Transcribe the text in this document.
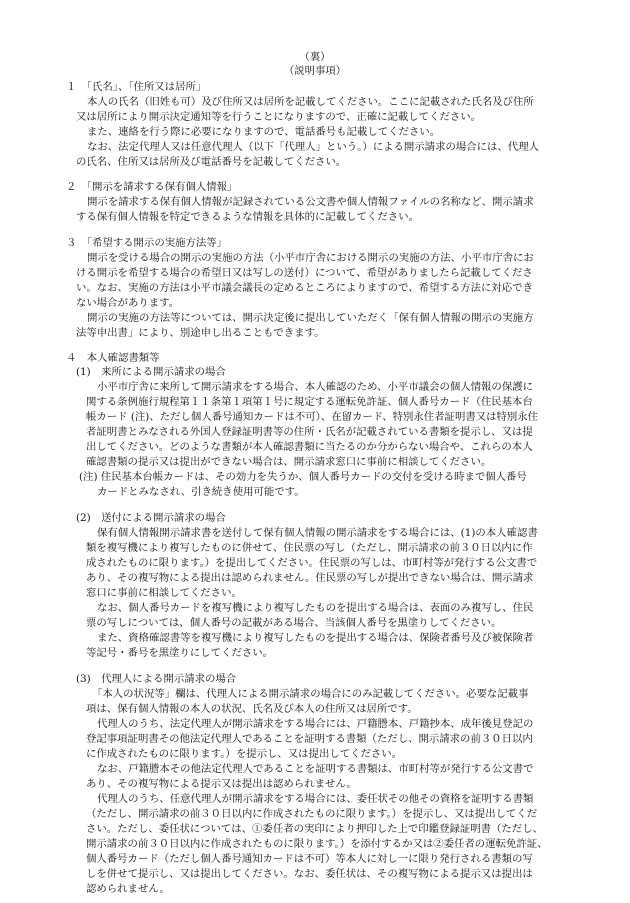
（裏）
（説明事項）
１　「氏名」、「住所又は居所」
本人の氏名（旧姓も可）及び住所又は居所を記載してください。ここに記載された氏名及び住所
又は居所により開示決定通知等を行うことになりますので、正確に記載してください。
また、連絡を行う際に必要になりますので、電話番号も記載してください。
なお、法定代理人又は任意代理人（以下「代理人」という。）による開示請求の場合には、代理人
の氏名、住所又は居所及び電話番号を記載してください。
２　「開示を請求する保有個人情報」
開示を請求する保有個人情報が記録されている公文書や個人情報ファイルの名称など、開示請求
する保有個人情報を特定できるような情報を具体的に記載してください。
３　「希望する開示の実施方法等」
開示を受ける場合の開示の実施の方法（小平市庁舎における開示の実施の方法、小平市庁舎にお
ける開示を希望する場合の希望日又は写しの送付）について、希望がありましたら記載してくださ
い。なお、実施の方法は小平市議会議長の定めるところによりますので、希望する方法に対応でき
ない場合があります。
開示の実施の方法等については、開示決定後に提出していただく「保有個人情報の開示の実施方
法等申出書」により、別途申し出ることもできます。
４　本人確認書類等
(1)　来所による開示請求の場合
小平市庁舎に来所して開示請求をする場合、本人確認のため、小平市議会の個人情報の保護に
関する条例施行規程第１１条第１項第１号に規定する運転免許証、個人番号カード（住民基本台
帳カード (注)、ただし個人番号通知カードは不可）、在留カード、特別永住者証明書又は特別永住
者証明書とみなされる外国人登録証明書等の住所・氏名が記載されている書類を提示し、又は提
出してください。どのような書類が本人確認書類に当たるのか分からない場合や、これらの本人
確認書類の提示又は提出ができない場合は、開示請求窓口に事前に相談してください。
(注) 住民基本台帳カードは、その効力を失うか、個人番号カードの交付を受ける時まで個人番号
カードとみなされ、引き続き使用可能です。
(2)　送付による開示請求の場合
保有個人情報開示請求書を送付して保有個人情報の開示請求をする場合には、(1)の本人確認書
類を複写機により複写したものに併せて、住民票の写し（ただし、開示請求の前３０日以内に作
成されたものに限ります。）を提出してください。住民票の写しは、市町村等が発行する公文書で
あり、その複写物による提出は認められません。住民票の写しが提出できない場合は、開示請求
窓口に事前に相談してください。
なお、個人番号カードを複写機により複写したものを提出する場合は、表面のみ複写し、住民
票の写しについては、個人番号の記載がある場合、当該個人番号を黒塗りしてください。
また、資格確認書等を複写機により複写したものを提出する場合は、保険者番号及び被保険者
等記号・番号を黒塗りにしてください。
(3)　代理人による開示請求の場合
「本人の状況等」欄は、代理人による開示請求の場合にのみ記載してください。必要な記載事
項は、保有個人情報の本人の状況、氏名及び本人の住所又は居所です。
代理人のうち、法定代理人が開示請求をする場合には、戸籍謄本、戸籍抄本、成年後見登記の
登記事項証明書その他法定代理人であることを証明する書類（ただし、開示請求の前３０日以内
に作成されたものに限ります。）を提示し、又は提出してください。
なお、戸籍謄本その他法定代理人であることを証明する書類は、市町村等が発行する公文書で
あり、その複写物による提示又は提出は認められません。
代理人のうち、任意代理人が開示請求をする場合には、委任状その他その資格を証明する書類
（ただし、開示請求の前３０日以内に作成されたものに限ります。）を提示し、又は提出してくだ
さい。ただし、委任状については、①委任者の実印により押印した上で印鑑登録証明書（ただし、
開示請求の前３０日以内に作成されたものに限ります。）を添付するか又は②委任者の運転免許証、
個人番号カード（ただし個人番号通知カードは不可）等本人に対し一に限り発行される書類の写
しを併せて提示し、又は提出してください。なお、委任状は、その複写物による提示又は提出は
認められません。
